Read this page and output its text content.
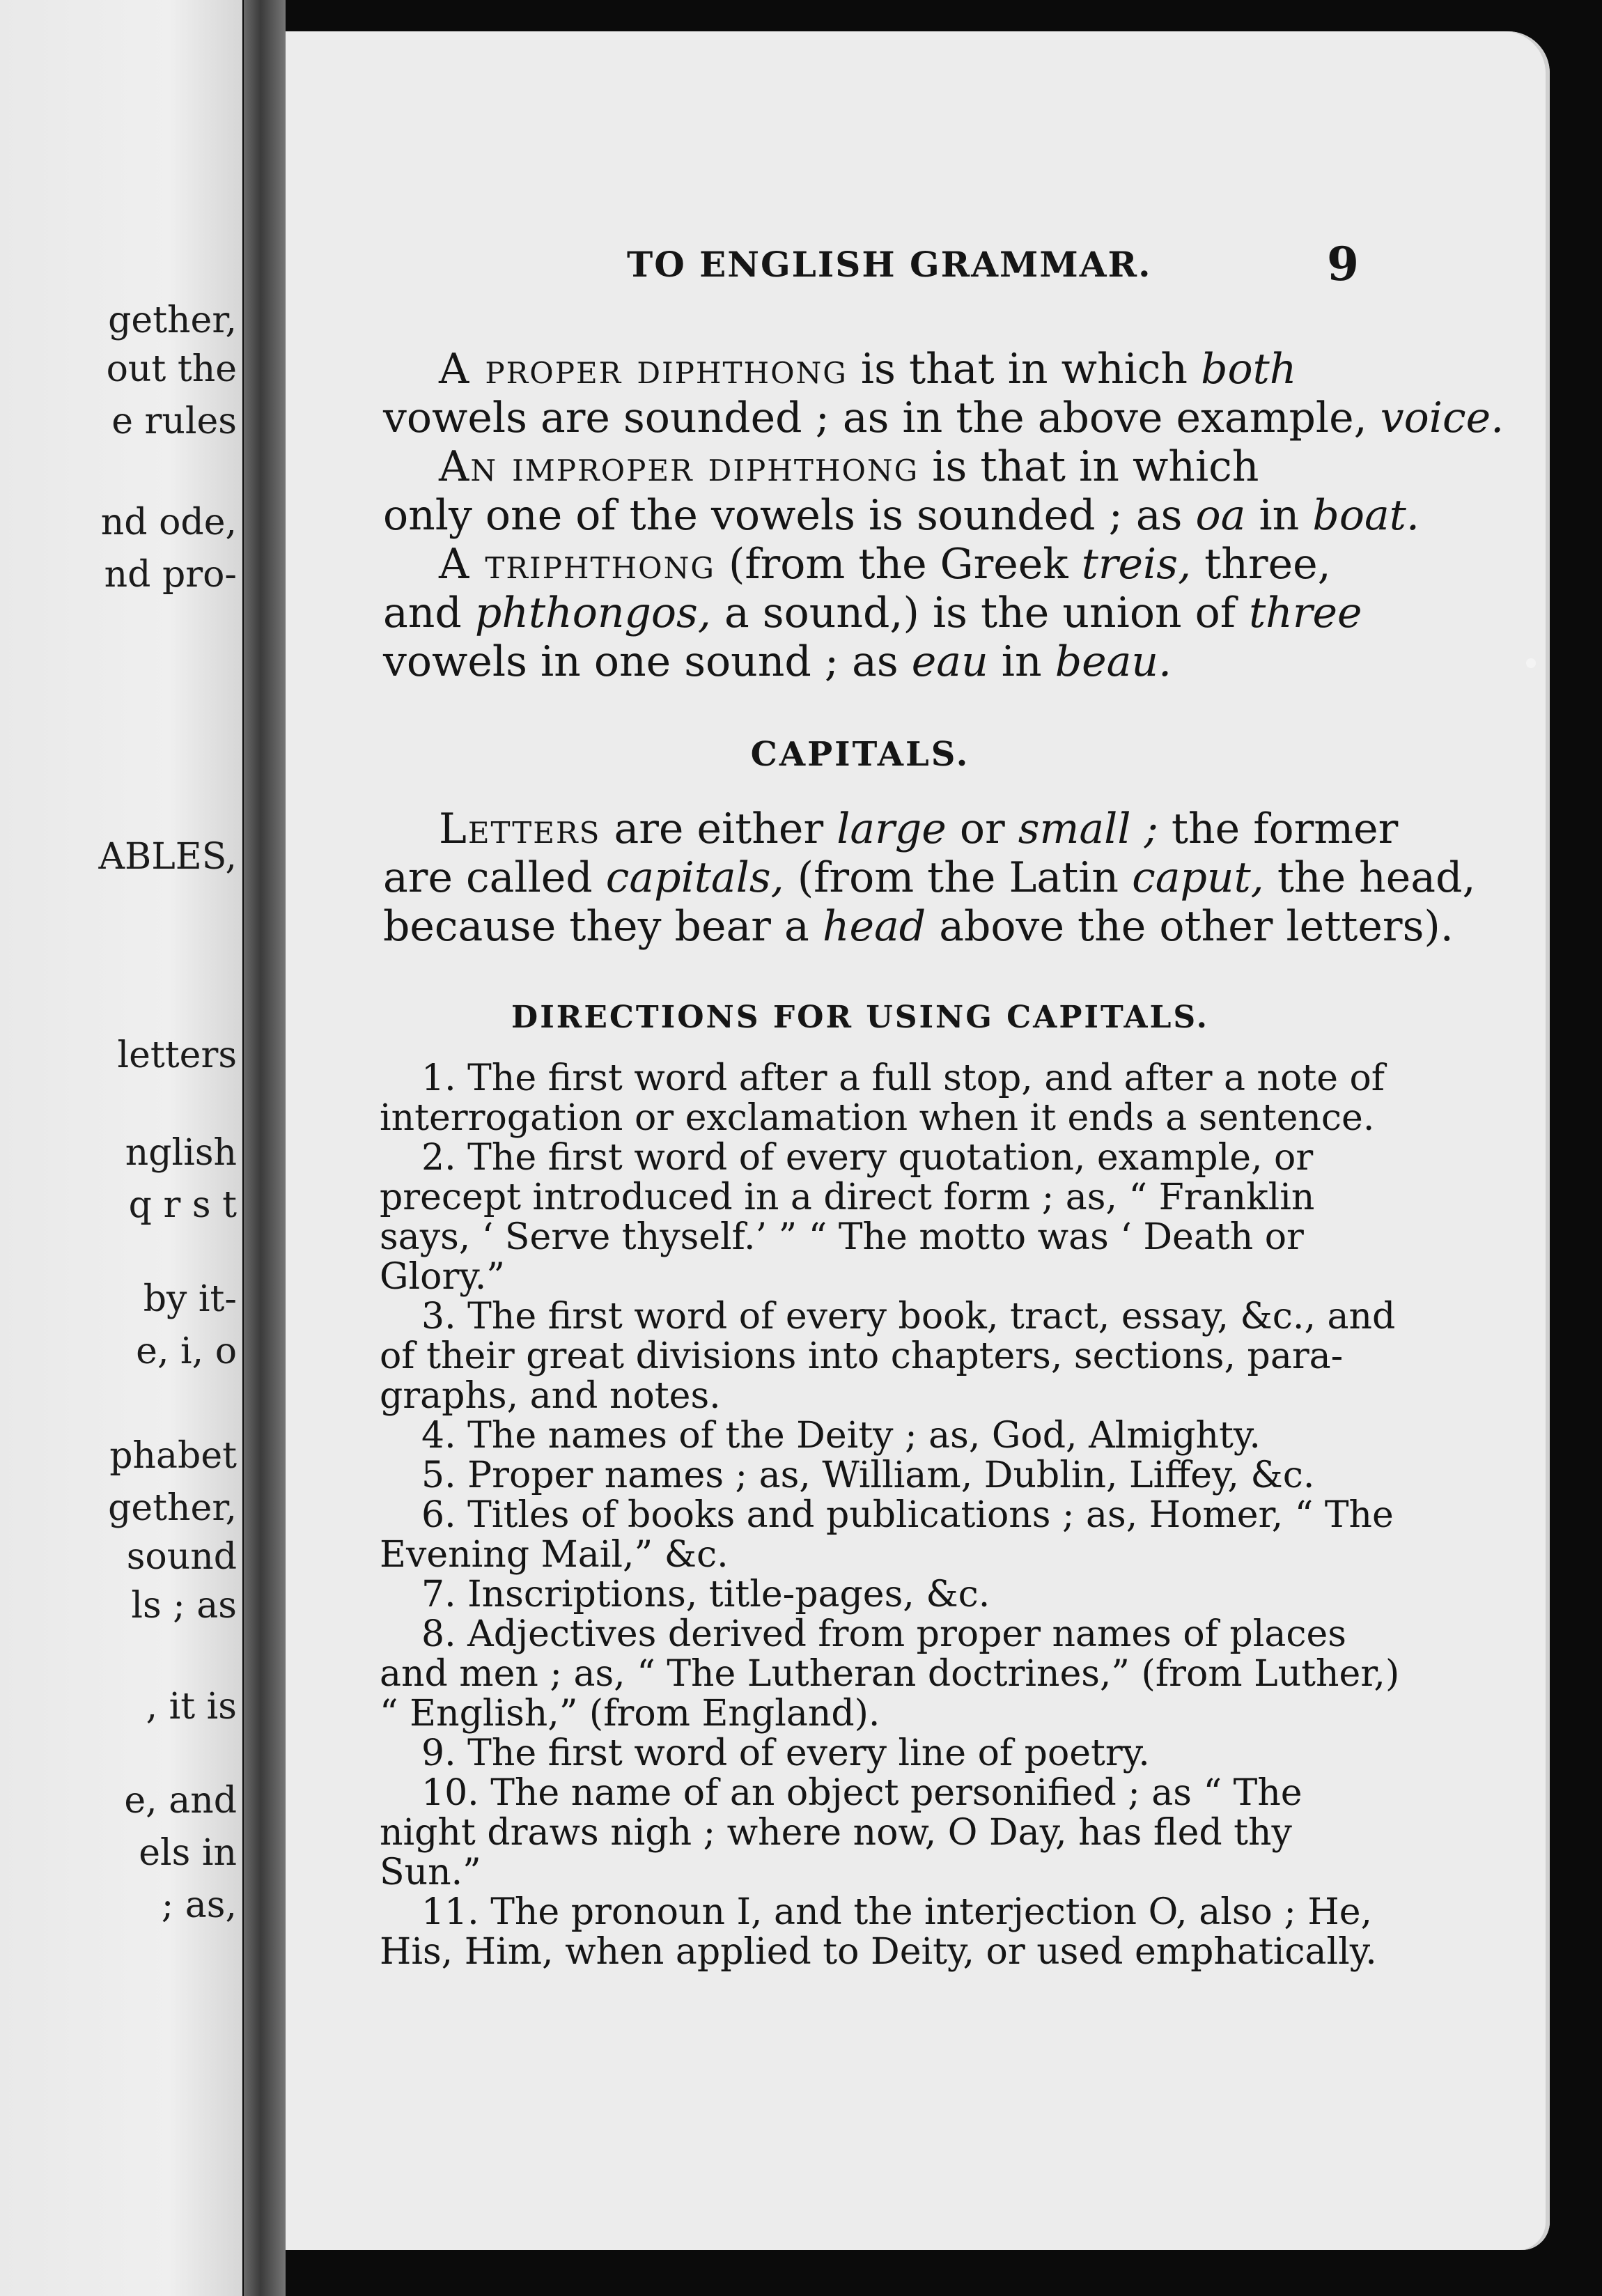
gether,
out the
e rules
nd ode,
nd pro-
ABLES,
letters
nglish
q r s t
by it-
e, i, o
phabet
gether,
sound
ls ; as
, it is
e, and
els in
; as,
TO ENGLISH GRAMMAR.	9
A proper diphthong is that in which both
vowels are sounded ; as in the above example, voice.
An improper diphthong is that in which
only one of the vowels is sounded ; as oa in boat.
A triphthong (from the Greek treis, three,
and phthongos, a sound,) is the union of three
vowels in one sound ; as eau in beau.
CAPITALS.
Letters are either large or small ; the former
are called capitals, (from the Latin caput, the head,
because they bear a head above the other letters).
DIRECTIONS FOR USING CAPITALS.
1. The first word after a full stop, and after a note of
interrogation or exclamation when it ends a sentence.
2. The first word of every quotation, example, or
precept introduced in a direct form ; as, “ Franklin
says, ‘ Serve thyself.’ ” “ The motto was ‘ Death or
Glory.”
3. The first word of every book, tract, essay, &c., and
of their great divisions into chapters, sections, para-
graphs, and notes.
4. The names of the Deity ; as, God, Almighty.
5. Proper names ; as, William, Dublin, Liffey, &c.
6. Titles of books and publications ; as, Homer, “ The
Evening Mail,” &c.
7. Inscriptions, title-pages, &c.
8. Adjectives derived from proper names of places
and men ; as, “ The Lutheran doctrines,” (from Luther,)
“ English,” (from England).
9. The first word of every line of poetry.
10. The name of an object personified ; as “ The
night draws nigh ; where now, O Day, has fled thy
Sun.”
11. The pronoun I, and the interjection O, also ; He,
His, Him, when applied to Deity, or used emphatically.
